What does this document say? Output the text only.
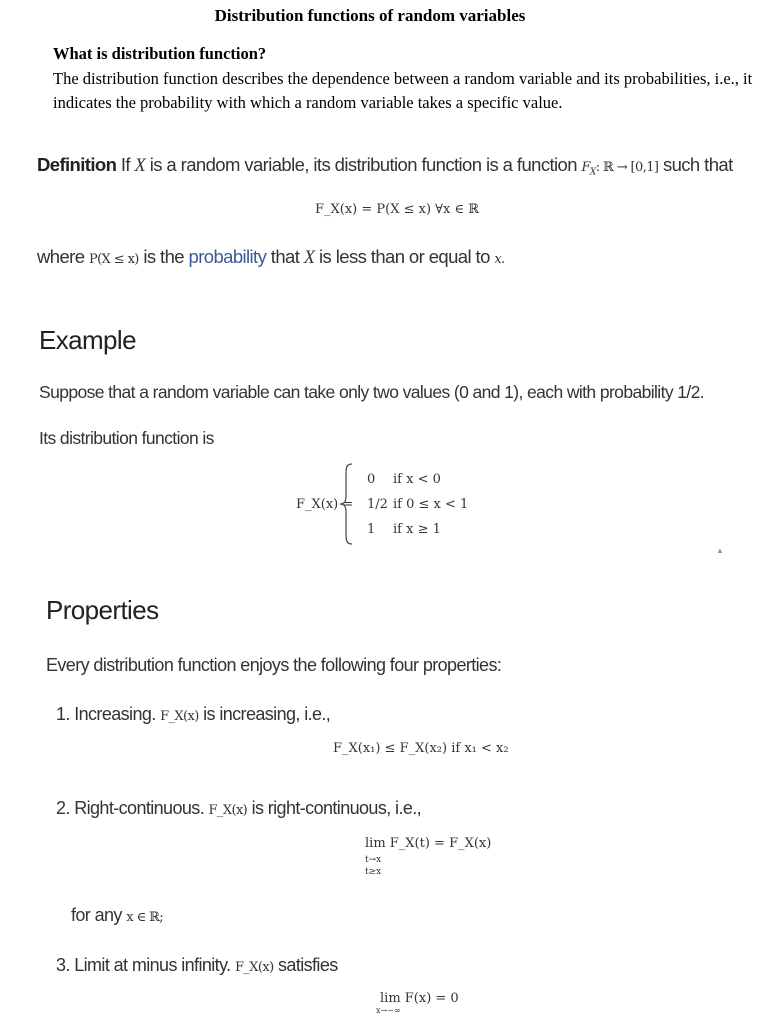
Distribution functions of random variables
What is distribution function?
The distribution function describes the dependence between a random variable and its probabilities, i.e., it indicates the probability with which a random variable takes a specific value.
Definition If X is a random variable, its distribution function is a function $F_X$: ℝ → [0,1] such that
F_X(x) = P(X ≤ x) ∀x ∈ ℝ
where P(X ≤ x) is the probability that X is less than or equal to x.
Example
Suppose that a random variable can take only two values (0 and 1), each with probability 1/2.
Its distribution function is
F_X(x) =
0 if x < 0
1/2 if 0 ≤ x < 1
1 if x ≥ 1
▲
Properties
Every distribution function enjoys the following four properties:
1. Increasing. F_X(x) is increasing, i.e.,
F_X(x₁) ≤ F_X(x₂) if x₁ < x₂
2. Right-continuous. F_X(x) is right-continuous, i.e.,
lim F_X(t) = F_X(x)
t→x
t≥x
for any x ∈ ℝ;
3. Limit at minus infinity. F_X(x) satisfies
lim F(x) = 0
x→−∞
